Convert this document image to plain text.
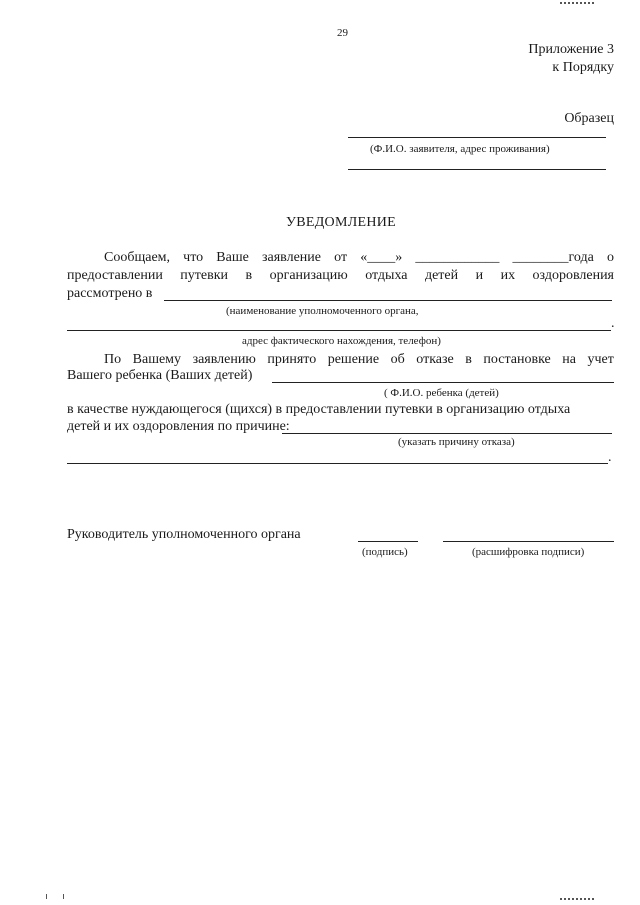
29
Приложение 3
к Порядку
Образец
(Ф.И.О. заявителя, адрес проживания)
УВЕДОМЛЕНИЕ
Сообщаем, что Ваше заявление от «____» ____________ ________года о
предоставлении путевки в организацию отдыха детей и их оздоровления
рассмотрено в
(наименование уполномоченного органа,
.
адрес фактического нахождения, телефон)
По Вашему заявлению принято решение об отказе в постановке на учет
Вашего ребенка (Ваших детей)
( Ф.И.О. ребенка (детей)
в качестве нуждающегося (щихся) в предоставлении путевки в организацию отдыха
детей и их оздоровления по причине:
(указать причину отказа)
.
Руководитель уполномоченного органа
(подпись)	(расшифровка подписи)
